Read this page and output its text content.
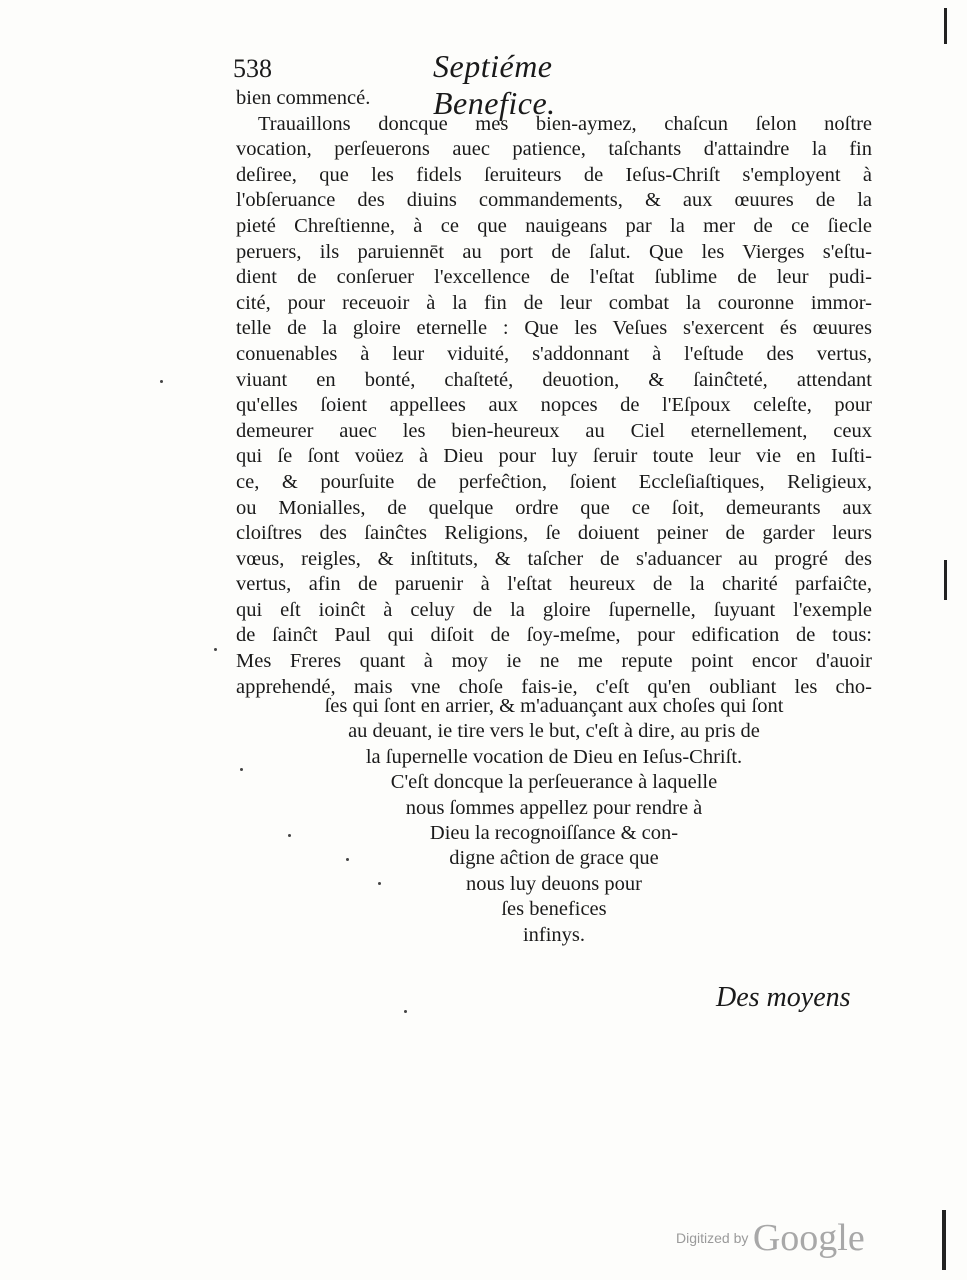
538	Septiéme Benefice.
bien commencé.
Trauaillons doncque mes bien-aymez, chaſcun ſelon noſtre
vocation, perſeuerons auec patience, taſchants d'attaindre la fin
deſiree, que les fidels ſeruiteurs de Ieſus-Chriſt s'employent à
l'obſeruance des diuins commandements, & aux œuures de la
pieté Chreſtienne, à ce que nauigeans par la mer de ce ſiecle
peruers, ils paruiennēt au port de ſalut. Que les Vierges s'eſtu-
dient de conſeruer l'excellence de l'eſtat ſublime de leur pudi-
cité, pour receuoir à la fin de leur combat la couronne immor-
telle de la gloire eternelle : Que les Veſues s'exercent és œuures
conuenables à leur viduité, s'addonnant à l'eſtude des vertus,
viuant en bonté, chaſteté, deuotion, & ſainĉteté, attendant
qu'elles ſoient appellees aux nopces de l'Eſpoux celeſte, pour
demeurer auec les bien-heureux au Ciel eternellement, ceux
qui ſe ſont voüez à Dieu pour luy ſeruir toute leur vie en Iuſti-
ce, & pourſuite de perfeĉtion, ſoient Eccleſiaſtiques, Religieux,
ou Monialles, de quelque ordre que ce ſoit, demeurants aux
cloiſtres des ſainĉtes Religions, ſe doiuent peiner de garder leurs
vœus, reigles, & inſtituts, & taſcher de s'aduancer au progré des
vertus, afin de paruenir à l'eſtat heureux de la charité parfaiĉte,
qui eſt ioinĉt à celuy de la gloire ſupernelle, ſuyuant l'exemple
de ſainĉt Paul qui diſoit de ſoy-meſme, pour edification de tous:
Mes Freres quant à moy ie ne me repute point encor d'auoir
apprehendé, mais vne choſe fais-ie, c'eſt qu'en oubliant les cho-
ſes qui ſont en arrier, & m'aduançant aux choſes qui ſont
au deuant, ie tire vers le but, c'eſt à dire, au pris de
la ſupernelle vocation de Dieu en Ieſus-Chriſt.
C'eſt doncque la perſeuerance à laquelle
nous ſommes appellez pour rendre à
Dieu la recognoiſſance & con-
digne aĉtion de grace que
nous luy deuons pour
ſes benefices
infinys.
Des moyens
Digitized by Google
